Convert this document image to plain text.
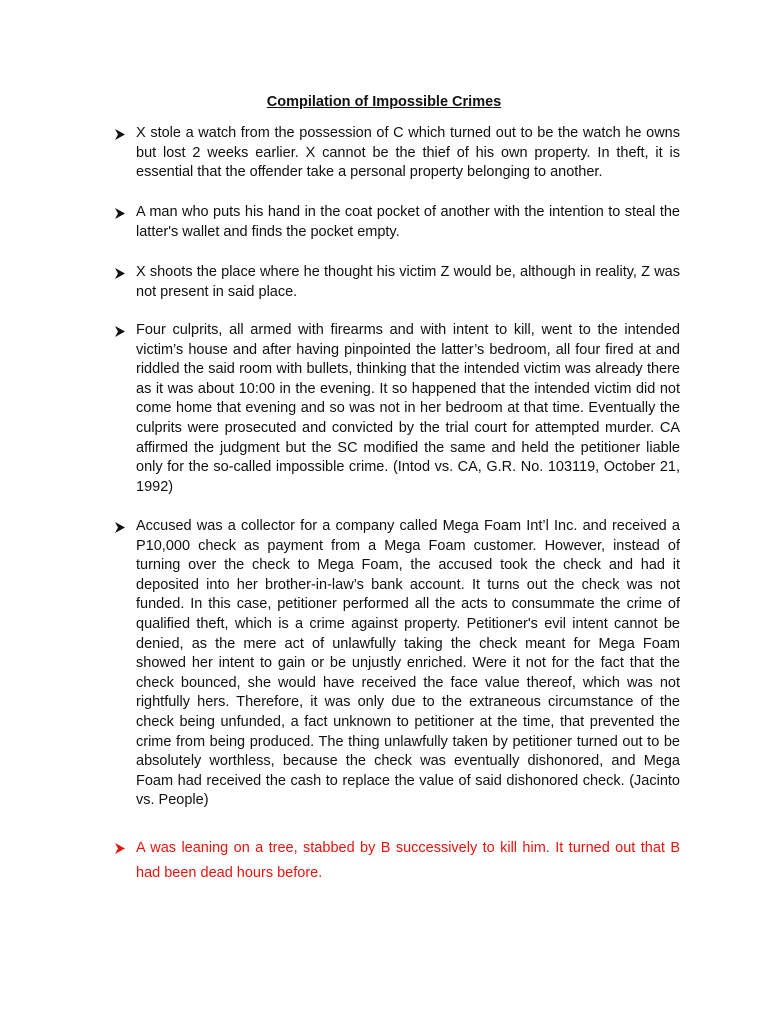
Compilation of Impossible Crimes
X stole a watch from the possession of C which turned out to be the watch he owns but lost 2 weeks earlier. X cannot be the thief of his own property. In theft, it is essential that the offender take a personal property belonging to another.
A man who puts his hand in the coat pocket of another with the intention to steal the latter's wallet and finds the pocket empty.
X shoots the place where he thought his victim Z would be, although in reality, Z was not present in said place.
Four culprits, all armed with firearms and with intent to kill, went to the intended victim’s house and after having pinpointed the latter’s bedroom, all four fired at and riddled the said room with bullets, thinking that the intended victim was already there as it was about 10:00 in the evening. It so happened that the intended victim did not come home that evening and so was not in her bedroom at that time. Eventually the culprits were prosecuted and convicted by the trial court for attempted murder. CA affirmed the judgment but the SC modified the same and held the petitioner liable only for the so-called impossible crime. (Intod vs. CA, G.R. No. 103119, October 21, 1992)
Accused was a collector for a company called Mega Foam Int’l Inc. and received a P10,000 check as payment from a Mega Foam customer. However, instead of turning over the check to Mega Foam, the accused took the check and had it deposited into her brother-in-law’s bank account. It turns out the check was not funded. In this case, petitioner performed all the acts to consummate the crime of qualified theft, which is a crime against property. Petitioner's evil intent cannot be denied, as the mere act of unlawfully taking the check meant for Mega Foam showed her intent to gain or be unjustly enriched. Were it not for the fact that the check bounced, she would have received the face value thereof, which was not rightfully hers. Therefore, it was only due to the extraneous circumstance of the check being unfunded, a fact unknown to petitioner at the time, that prevented the crime from being produced. The thing unlawfully taken by petitioner turned out to be absolutely worthless, because the check was eventually dishonored, and Mega Foam had received the cash to replace the value of said dishonored check. (Jacinto vs. People)
A was leaning on a tree, stabbed by B successively to kill him. It turned out that B had been dead hours before.
